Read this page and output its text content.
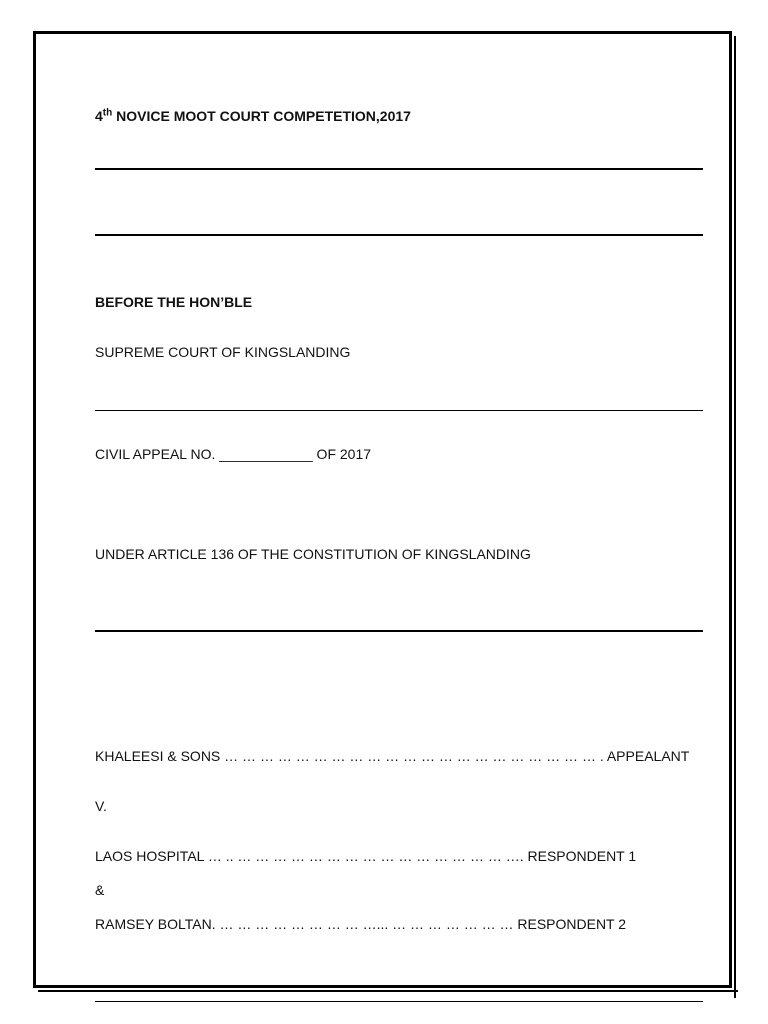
4th NOVICE MOOT COURT COMPETETION,2017
BEFORE THE HON’BLE
SUPREME COURT OF KINGSLANDING
CIVIL APPEAL NO. ____________ OF 2017
UNDER ARTICLE 136 OF THE CONSTITUTION OF KINGSLANDING
KHALEESI & SONS … … … … … … … … … … … … … … … … … … … … … . APPEALANT
V.
LAOS HOSPITAL … .. … … … … … … … … … … … … … … … …. RESPONDENT 1
&
RAMSEY BOLTAN. … … … … … … … … …... … … … … … … … RESPONDENT 2
